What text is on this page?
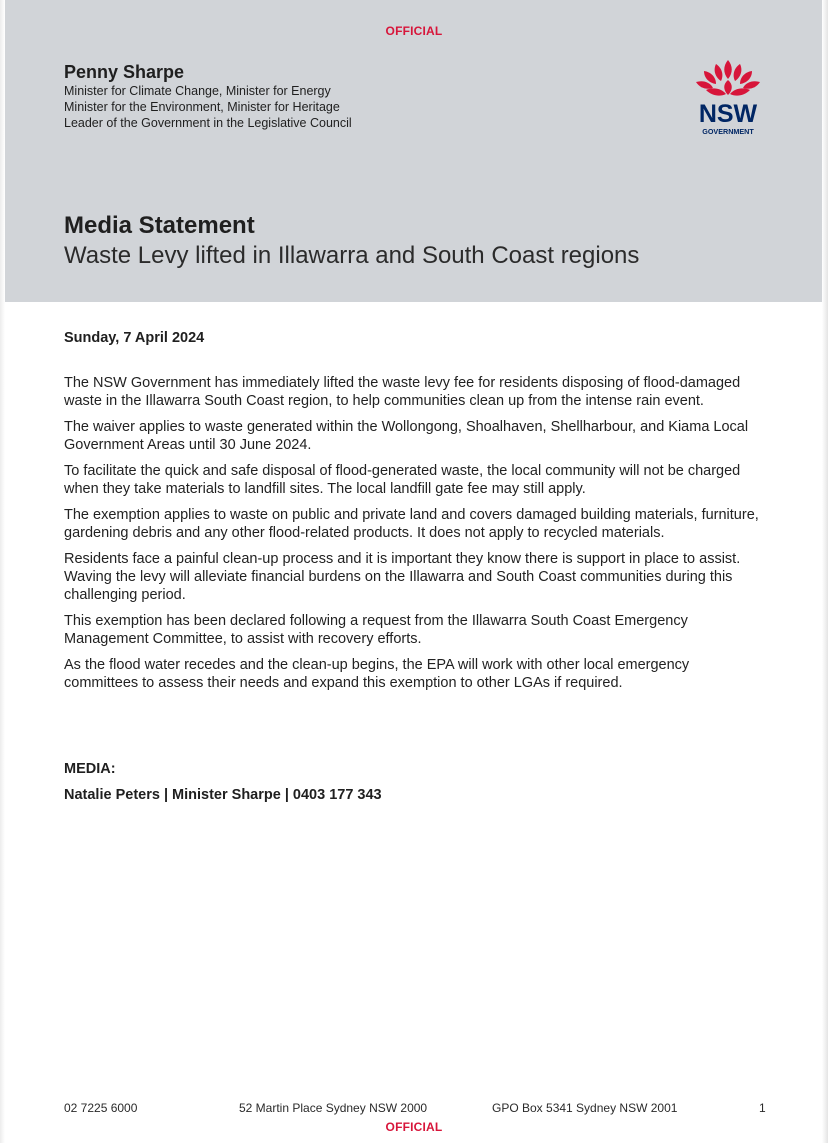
OFFICIAL
Penny Sharpe
Minister for Climate Change, Minister for Energy
Minister for the Environment, Minister for Heritage
Leader of the Government in the Legislative Council	NSW
GOVERNMENT
Media Statement
Waste Levy lifted in Illawarra and South Coast regions
Sunday, 7 April 2024

The NSW Government has immediately lifted the waste levy fee for residents disposing of flood-damaged waste in the Illawarra South Coast region, to help communities clean up from the intense rain event.

The waiver applies to waste generated within the Wollongong, Shoalhaven, Shellharbour, and Kiama Local Government Areas until 30 June 2024.

To facilitate the quick and safe disposal of flood-generated waste, the local community will not be charged when they take materials to landfill sites. The local landfill gate fee may still apply.

The exemption applies to waste on public and private land and covers damaged building materials, furniture, gardening debris and any other flood-related products. It does not apply to recycled materials.

Residents face a painful clean-up process and it is important they know there is support in place to assist. Waving the levy will alleviate financial burdens on the Illawarra and South Coast communities during this challenging period.

This exemption has been declared following a request from the Illawarra South Coast Emergency Management Committee, to assist with recovery efforts.

As the flood water recedes and the clean-up begins, the EPA will work with other local emergency committees to assess their needs and expand this exemption to other LGAs if required.

MEDIA:
Natalie Peters | Minister Sharpe | 0403 177 343
02 7225 6000	52 Martin Place Sydney NSW 2000	GPO Box 5341 Sydney NSW 2001	1
OFFICIAL
